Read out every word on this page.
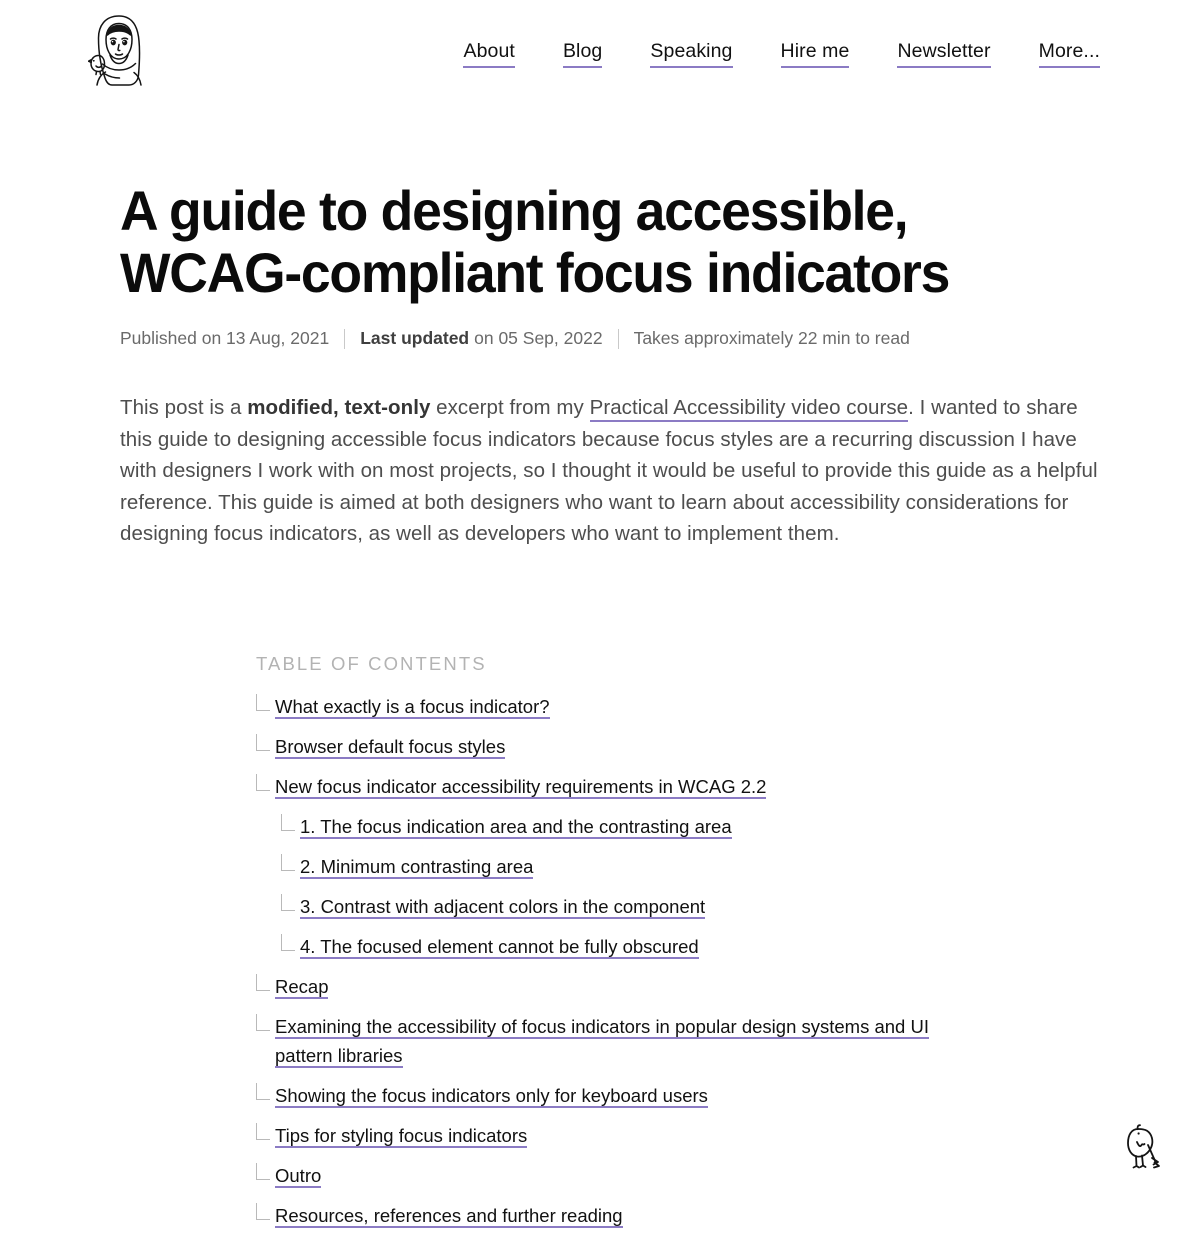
About Blog Speaking Hire me Newsletter More...
A guide to designing accessible, WCAG-compliant focus indicators
Published on 13 Aug, 2021 Last updated on 05 Sep, 2022 Takes approximately 22 min to read

This post is a modified, text-only excerpt from my Practical Accessibility video course. I wanted to share this guide to designing accessible focus indicators because focus styles are a recurring discussion I have with designers I work with on most projects, so I thought it would be useful to provide this guide as a helpful reference. This guide is aimed at both designers who want to learn about accessibility considerations for designing focus indicators, as well as developers who want to implement them.

TABLE OF CONTENTS
What exactly is a focus indicator?
Browser default focus styles
New focus indicator accessibility requirements in WCAG 2.2
1. The focus indication area and the contrasting area
2. Minimum contrasting area
3. Contrast with adjacent colors in the component
4. The focused element cannot be fully obscured
Recap
Examining the accessibility of focus indicators in popular design systems and UI pattern libraries
Showing the focus indicators only for keyboard users
Tips for styling focus indicators
Outro
Resources, references and further reading
